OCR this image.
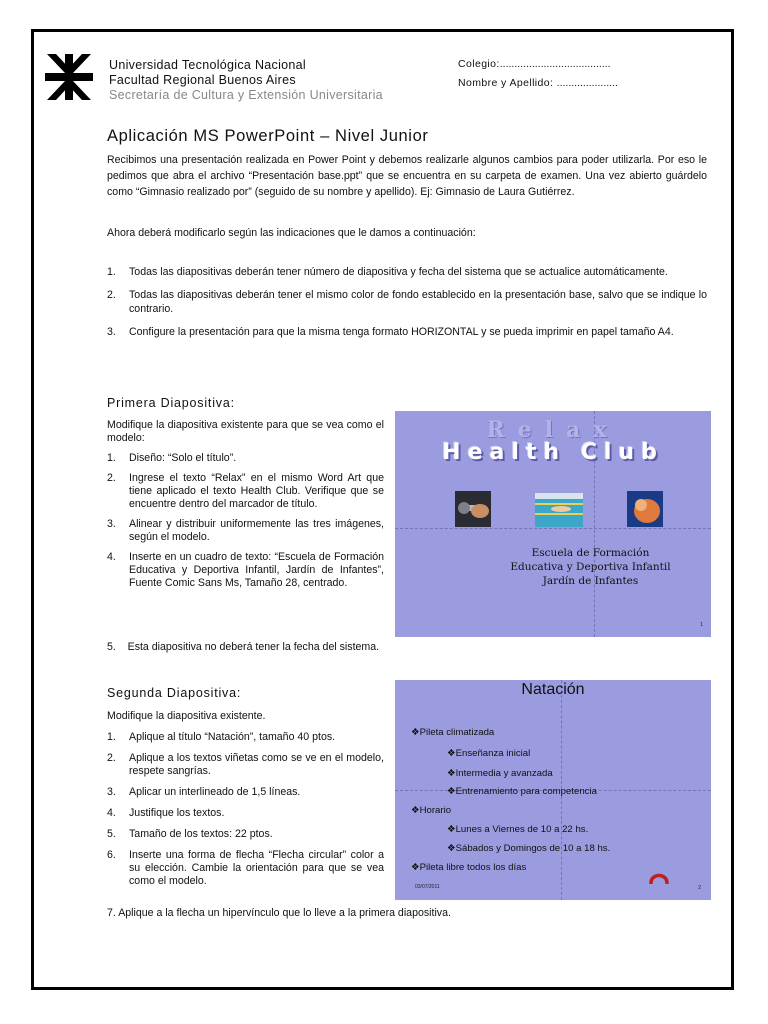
Universidad Tecnológica Nacional
Facultad Regional Buenos Aires
Secretaría de Cultura y Extensión Universitaria
Colegio:......................................
Nombre y Apellido: .....................
Aplicación MS PowerPoint – Nivel Junior

Recibimos una presentación realizada en Power Point y debemos realizarle algunos cambios para poder utilizarla. Por eso le pedimos que abra el archivo “Presentación base.ppt” que se encuentra en su carpeta de examen. Una vez abierto guárdelo como “Gimnasio realizado por” (seguido de su nombre y apellido). Ej: Gimnasio de Laura Gutiérrez.

Ahora deberá modificarlo según las indicaciones que le damos a continuación:

1. Todas las diapositivas deberán tener número de diapositiva y fecha del sistema que se actualice automáticamente.
2. Todas las diapositivas deberán tener el mismo color de fondo establecido en la presentación base, salvo que se indique lo contrario.
3. Configure la presentación para que la misma tenga formato HORIZONTAL y se pueda imprimir en papel tamaño A4.
Primera Diapositiva:

Modifique la diapositiva existente para que se vea como el modelo:

1. Diseño: “Solo el título”.
2. Ingrese el texto “Relax” en el mismo Word Art que tiene aplicado el texto Health Club. Verifique que se encuentre dentro del marcador de título.
3. Alinear y distribuir uniformemente las tres imágenes, según el modelo.
4. Inserte en un cuadro de texto: “Escuela de Formación Educativa y Deportiva Infantil, Jardín de Infantes”, Fuente Comic Sans Ms, Tamaño 28, centrado.
5. Esta diapositiva no deberá tener la fecha del sistema.
Relax
Health Club
Escuela de Formación
Educativa y Deportiva Infantil
Jardín de Infantes
1
Segunda Diapositiva:

Modifique la diapositiva existente.

1. Aplique al título “Natación”, tamaño 40 ptos.
2. Aplique a los textos viñetas como se ve en el modelo, respete sangrías.
3. Aplicar un interlineado de 1,5 líneas.
4. Justifique los textos.
5. Tamaño de los textos: 22 ptos.
6. Inserte una forma de flecha “Flecha circular” color a su elección. Cambie la orientación para que se vea como el modelo.
7. Aplique a la flecha un hipervínculo que lo lleve a la primera diapositiva.
Natación
❖Pileta climatizada
❖Enseñanza inicial
❖Intermedia y avanzada
❖Entrenamiento para competencia
❖Horario
❖Lunes a Viernes de 10 a 22 hs.
❖Sábados y Domingos de 10 a 18 hs.
❖Pileta libre todos los días
03/07/2011	2
